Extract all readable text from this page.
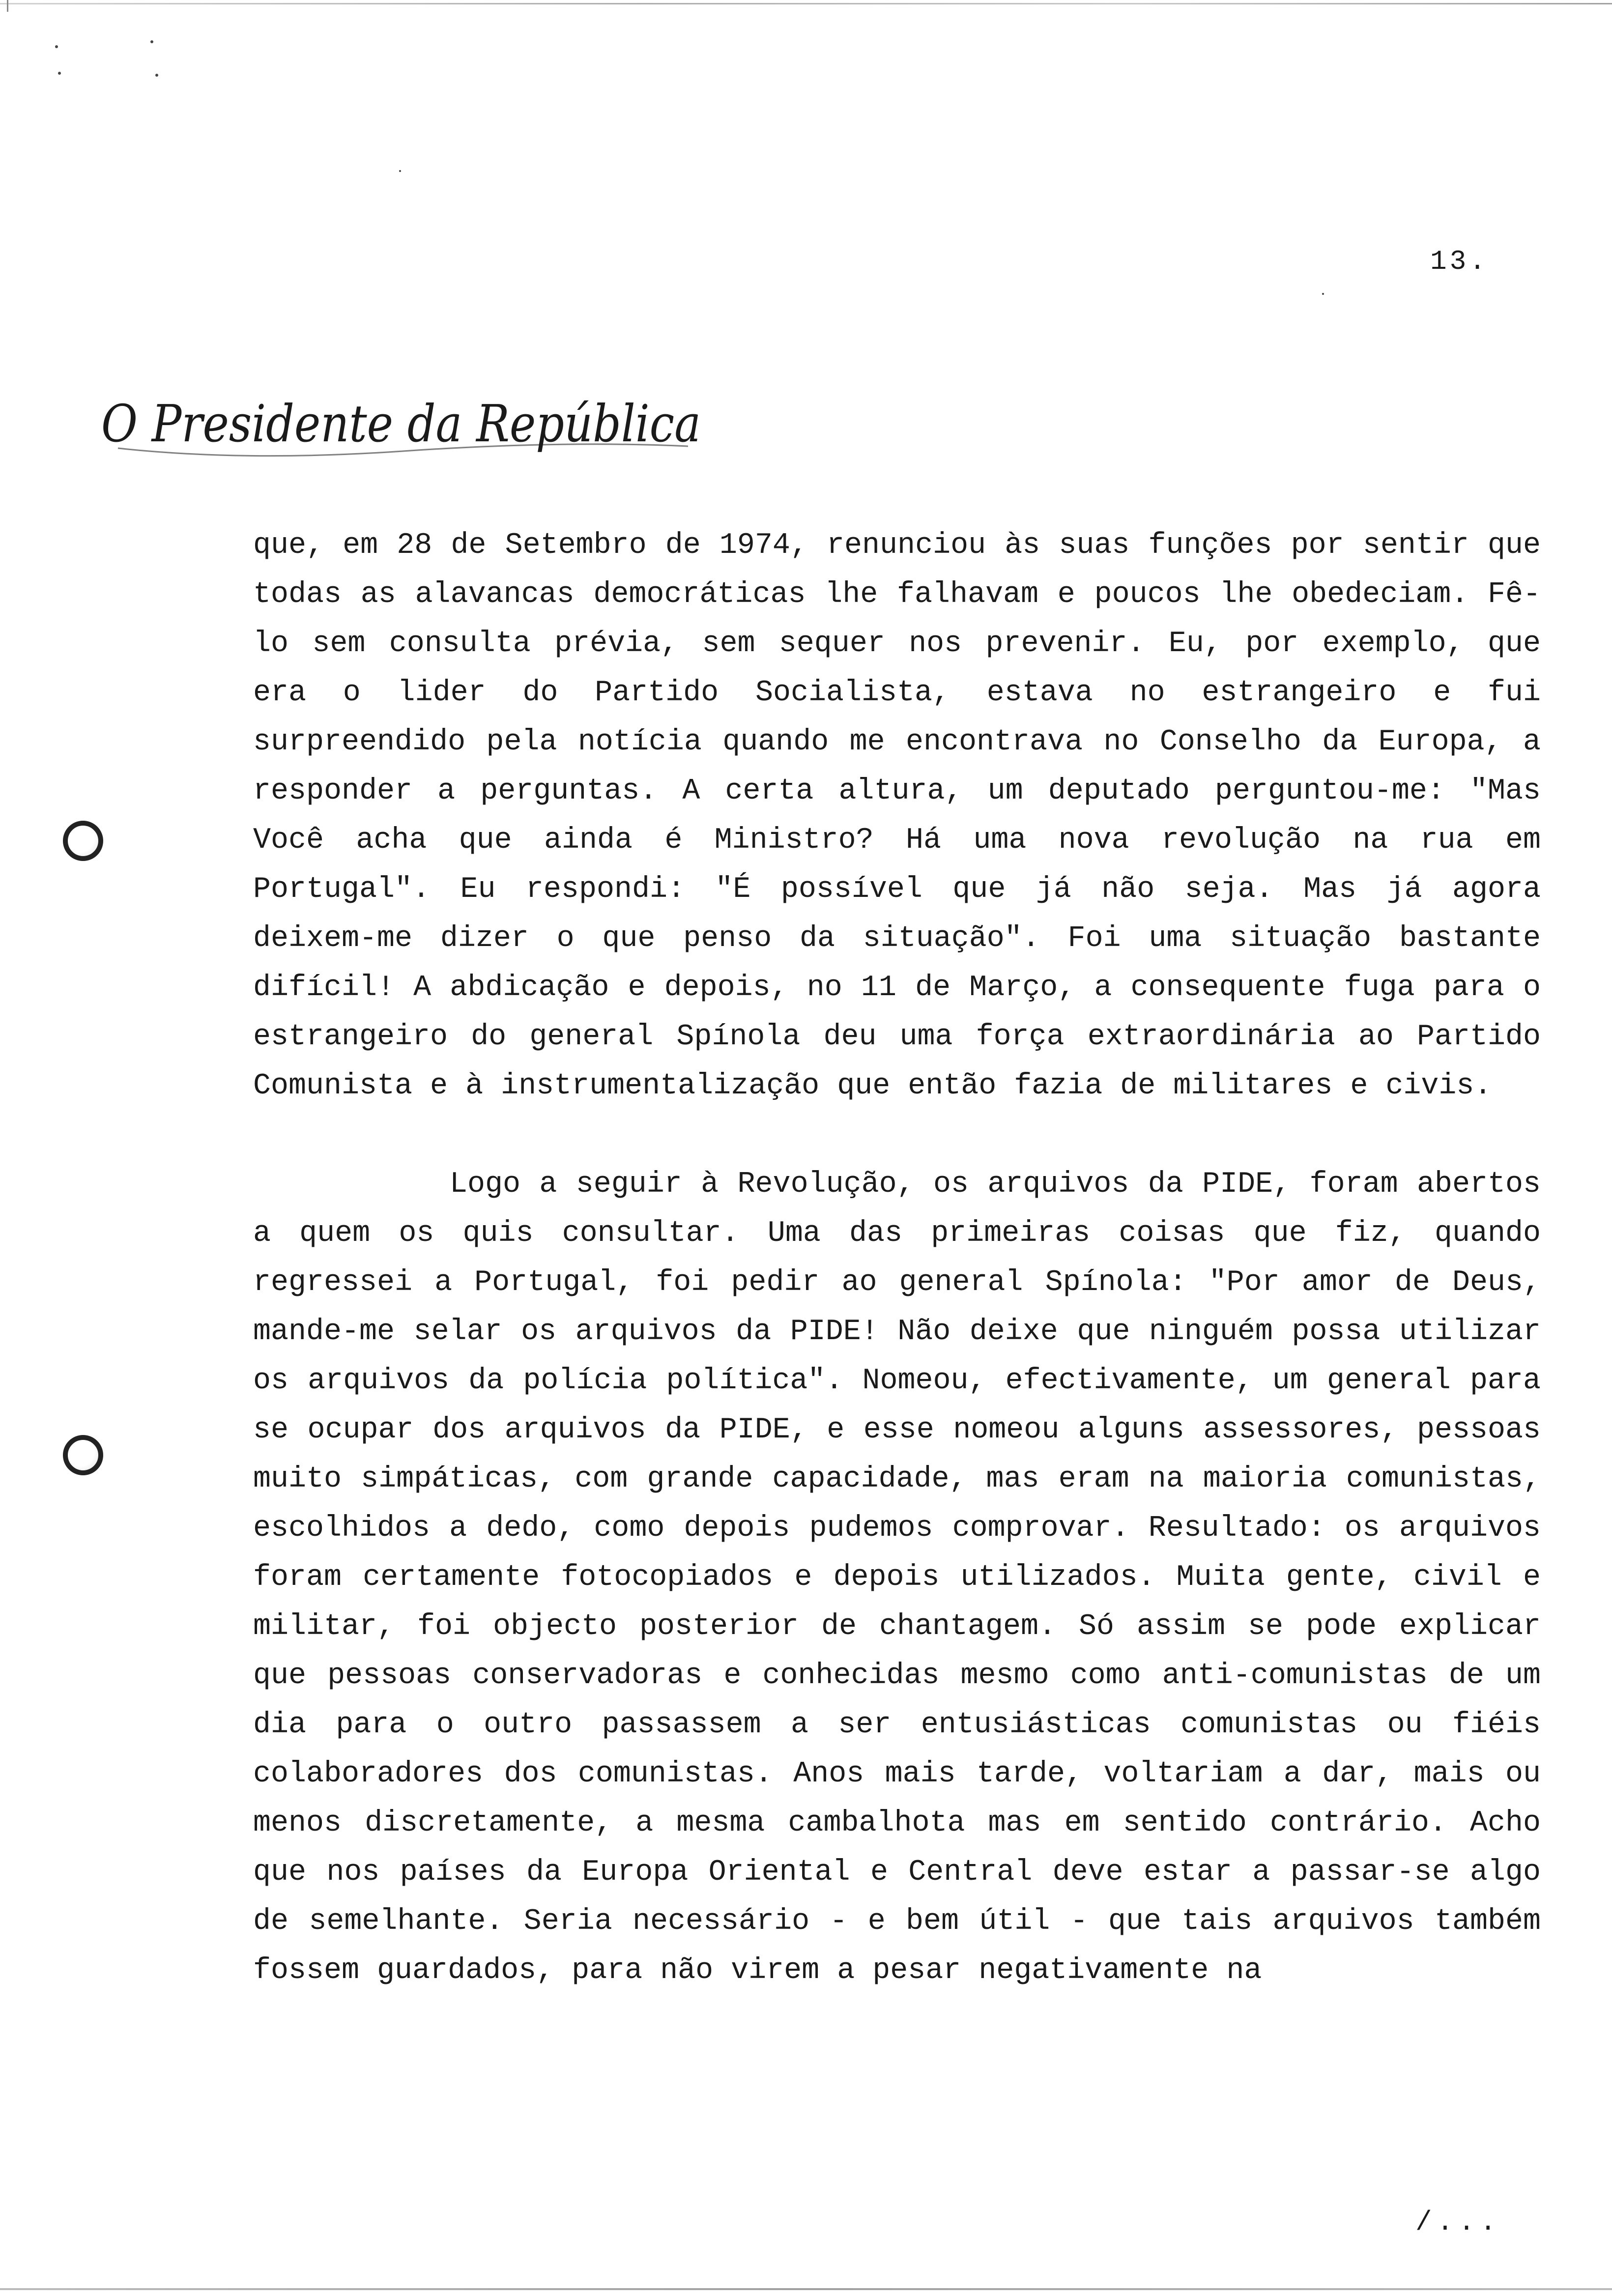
13.
O Presidente da República

que, em 28 de Setembro de 1974, renunciou às suas funções por sentir que todas as alavancas democráticas lhe falhavam e poucos lhe obedeciam. Fê-lo sem consulta prévia, sem sequer nos prevenir. Eu, por exemplo, que era o lider do Partido Socialista, estava no estrangeiro e fui surpreendido pela notícia quando me encontrava no Conselho da Europa, a responder a perguntas. A certa altura, um deputado perguntou-me: "Mas Você acha que ainda é Ministro? Há uma nova revolução na rua em Portugal". Eu respondi: "É possível que já não seja. Mas já agora deixem-me dizer o que penso da situação". Foi uma situação bastante difícil! A abdicação e depois, no 11 de Março, a consequente fuga para o estrangeiro do general Spínola deu uma força extraordinária ao Partido Comunista e à instrumentalização que então fazia de militares e civis.

Logo a seguir à Revolução, os arquivos da PIDE, foram abertos a quem os quis consultar. Uma das primeiras coisas que fiz, quando regressei a Portugal, foi pedir ao general Spínola: "Por amor de Deus, mande-me selar os arquivos da PIDE! Não deixe que ninguém possa utilizar os arquivos da polícia política". Nomeou, efectivamente, um general para se ocupar dos arquivos da PIDE, e esse nomeou alguns assessores, pessoas muito simpáticas, com grande capacidade, mas eram na maioria comunistas, escolhidos a dedo, como depois pudemos comprovar. Resultado: os arquivos foram certamente fotocopiados e depois utilizados. Muita gente, civil e militar, foi objecto posterior de chantagem. Só assim se pode explicar que pessoas conservadoras e conhecidas mesmo como anti-comunistas de um dia para o outro passassem a ser entusiásticas comunistas ou fiéis colaboradores dos comunistas. Anos mais tarde, voltariam a dar, mais ou menos discretamente, a mesma cambalhota mas em sentido contrário. Acho que nos países da Europa Oriental e Central deve estar a passar-se algo de semelhante. Seria necessário - e bem útil - que tais arquivos também fossem guardados, para não virem a pesar negativamente na

/...
